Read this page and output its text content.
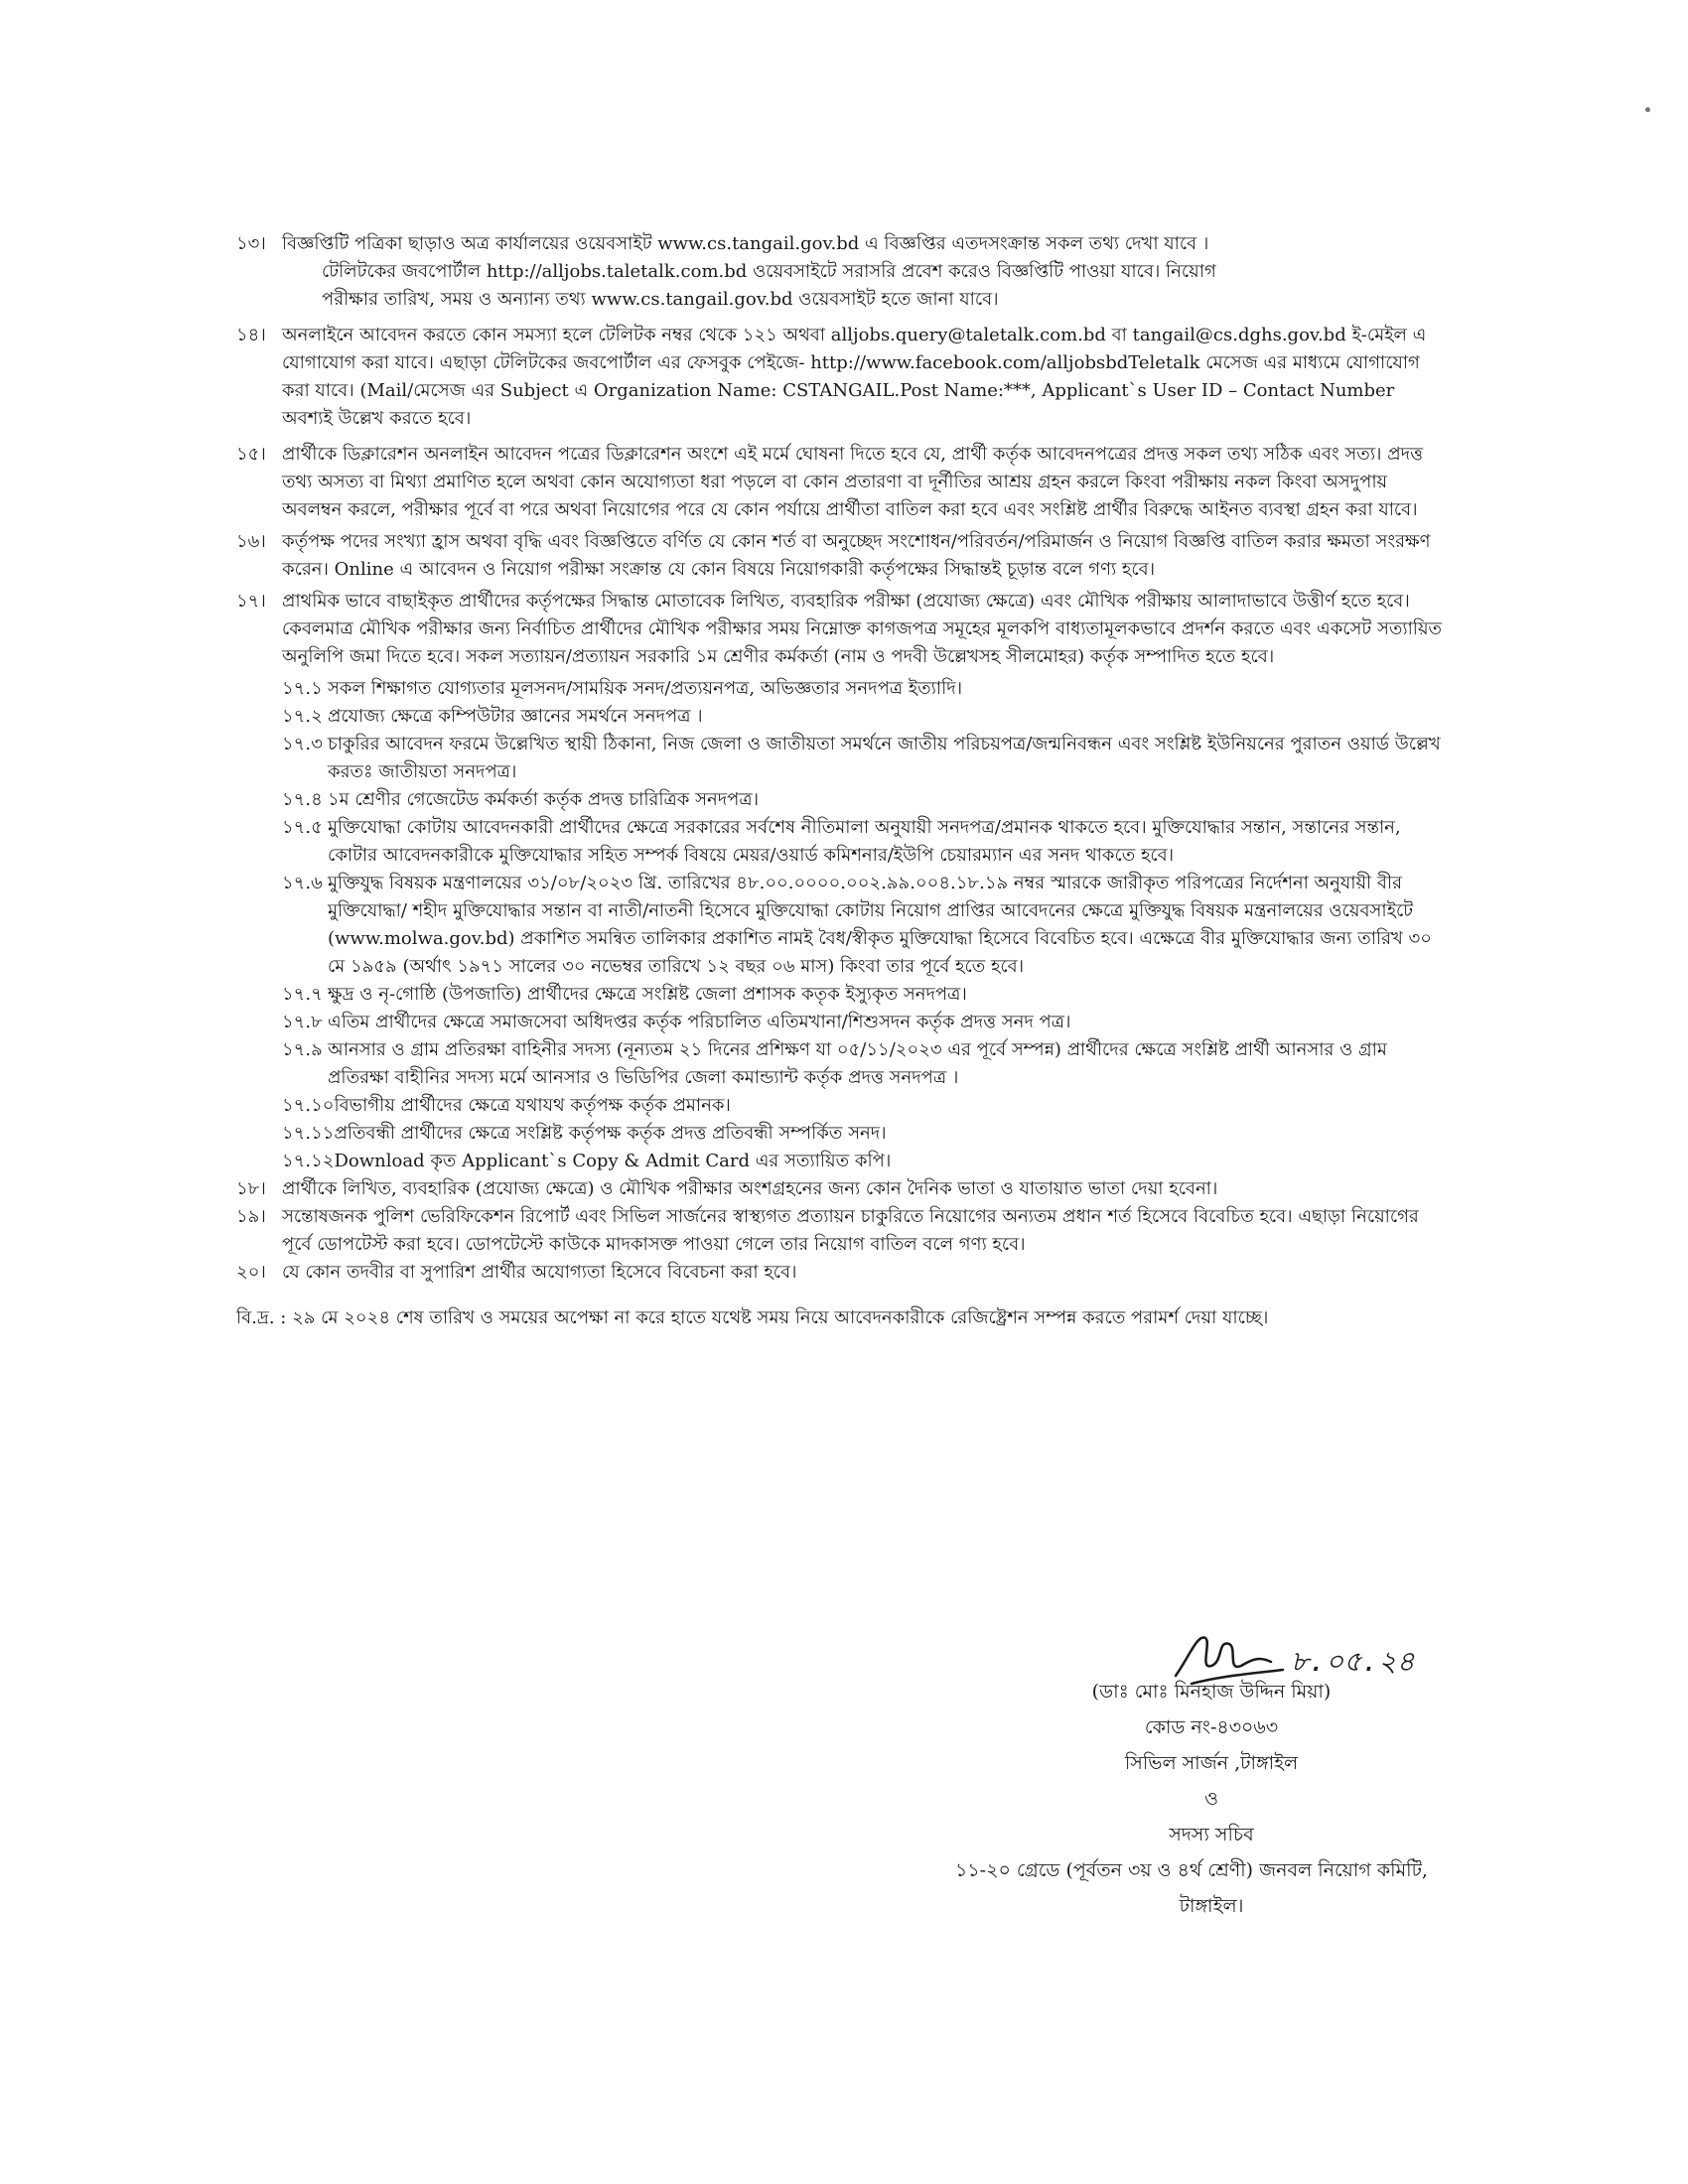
১৩। বিজ্ঞপ্তিটি পত্রিকা ছাড়াও অত্র কার্যালয়ের ওয়েবসাইট www.cs.tangail.gov.bd এ বিজ্ঞপ্তির এতদসংক্রান্ত সকল তথ্য দেখা যাবে ।

টেলিটকের জবপোর্টাল http://alljobs.taletalk.com.bd ওয়েবসাইটে সরাসরি প্রবেশ করেও বিজ্ঞপ্তিটি পাওয়া যাবে। নিয়োগ

পরীক্ষার তারিখ, সময় ও অন্যান্য তথ্য www.cs.tangail.gov.bd ওয়েবসাইট হতে জানা যাবে।

১৪। অনলাইনে আবেদন করতে কোন সমস্যা হলে টেলিটক নম্বর থেকে ১২১ অথবা alljobs.query@taletalk.com.bd বা tangail@cs.dghs.gov.bd ই-মেইল এ যোগাযোগ করা যাবে। এছাড়া টেলিটকের জবপোর্টাল এর ফেসবুক পেইজে- http://www.facebook.com/alljobsbdTeletalk মেসেজ এর মাধ্যমে যোগাযোগ করা যাবে। (Mail/মেসেজ এর Subject এ Organization Name: CSTANGAIL.Post Name:***, Applicant`s User ID – Contact Number অবশ্যই উল্লেখ করতে হবে।

১৫। প্রার্থীকে ডিক্লারেশন অনলাইন আবেদন পত্রের ডিক্লারেশন অংশে এই মর্মে ঘোষনা দিতে হবে যে, প্রার্থী কর্তৃক আবেদনপত্রের প্রদত্ত সকল তথ্য সঠিক এবং সত্য। প্রদত্ত তথ্য অসত্য বা মিথ্যা প্রমাণিত হলে অথবা কোন অযোগ্যতা ধরা পড়লে বা কোন প্রতারণা বা দূর্নীতির আশ্রয় গ্রহন করলে কিংবা পরীক্ষায় নকল কিংবা অসদুপায় অবলম্বন করলে, পরীক্ষার পূর্বে বা পরে অথবা নিয়োগের পরে যে কোন পর্যায়ে প্রার্থীতা বাতিল করা হবে এবং সংশ্লিষ্ট প্রার্থীর বিরুদ্ধে আইনত ব্যবস্থা গ্রহন করা যাবে।

১৬। কর্তৃপক্ষ পদের সংখ্যা হ্রাস অথবা বৃদ্ধি এবং বিজ্ঞপ্তিতে বর্ণিত যে কোন শর্ত বা অনুচ্ছেদ সংশোধন/পরিবর্তন/পরিমার্জন ও নিয়োগ বিজ্ঞপ্তি বাতিল করার ক্ষমতা সংরক্ষণ করেন। Online এ আবেদন ও নিয়োগ পরীক্ষা সংক্রান্ত যে কোন বিষয়ে নিয়োগকারী কর্তৃপক্ষের সিদ্ধান্তই চূড়ান্ত বলে গণ্য হবে।

১৭। প্রাথমিক ভাবে বাছাইকৃত প্রার্থীদের কর্তৃপক্ষের সিদ্ধান্ত মোতাবেক লিখিত, ব্যবহারিক পরীক্ষা (প্রযোজ্য ক্ষেত্রে) এবং মৌখিক পরীক্ষায় আলাদাভাবে উত্তীর্ণ হতে হবে। কেবলমাত্র মৌখিক পরীক্ষার জন্য নির্বাচিত প্রার্থীদের মৌখিক পরীক্ষার সময় নিম্নোক্ত কাগজপত্র সমূহের মূলকপি বাধ্যতামূলকভাবে প্রদর্শন করতে এবং একসেট সত্যায়িত অনুলিপি জমা দিতে হবে। সকল সত্যায়ন/প্রত্যায়ন সরকারি ১ম শ্রেণীর কর্মকর্তা (নাম ও পদবী উল্লেখসহ সীলমোহর) কর্তৃক সম্পাদিত হতে হবে।

১৭.১ সকল শিক্ষাগত যোগ্যতার মূলসনদ/সাময়িক সনদ/প্রত্যয়নপত্র, অভিজ্ঞতার সনদপত্র ইত্যাদি।
১৭.২ প্রযোজ্য ক্ষেত্রে কম্পিউটার জ্ঞানের সমর্থনে সনদপত্র ।
১৭.৩ চাকুরির আবেদন ফরমে উল্লেখিত স্থায়ী ঠিকানা, নিজ জেলা ও জাতীয়তা সমর্থনে জাতীয় পরিচয়পত্র/জন্মনিবন্ধন এবং সংশ্লিষ্ট ইউনিয়নের পুরাতন ওয়ার্ড উল্লেখ করতঃ জাতীয়তা সনদপত্র।
১৭.৪ ১ম শ্রেণীর গেজেটেড কর্মকর্তা কর্তৃক প্রদত্ত চারিত্রিক সনদপত্র।
১৭.৫ মুক্তিযোদ্ধা কোটায় আবেদনকারী প্রার্থীদের ক্ষেত্রে সরকারের সর্বশেষ নীতিমালা অনুযায়ী সনদপত্র/প্রমানক থাকতে হবে। মুক্তিযোদ্ধার সন্তান, সন্তানের সন্তান, কোটার আবেদনকারীকে মুক্তিযোদ্ধার সহিত সম্পর্ক বিষয়ে মেয়র/ওয়ার্ড কমিশনার/ইউপি চেয়ারম্যান এর সনদ থাকতে হবে।
১৭.৬ মুক্তিযুদ্ধ বিষয়ক মন্ত্রণালয়ের ৩১/০৮/২০২৩ খ্রি. তারিখের ৪৮.০০.০০০০.০০২.৯৯.০০৪.১৮.১৯ নম্বর স্মারকে জারীকৃত পরিপত্রের নির্দেশনা অনুযায়ী বীর মুক্তিযোদ্ধা/ শহীদ মুক্তিযোদ্ধার সন্তান বা নাতী/নাতনী হিসেবে মুক্তিযোদ্ধা কোটায় নিয়োগ প্রাপ্তির আবেদনের ক্ষেত্রে মুক্তিযুদ্ধ বিষয়ক মন্ত্রনালয়ের ওয়েবসাইটে (www.molwa.gov.bd) প্রকাশিত সমন্বিত তালিকার প্রকাশিত নামই বৈধ/স্বীকৃত মুক্তিযোদ্ধা হিসেবে বিবেচিত হবে। এক্ষেত্রে বীর মুক্তিযোদ্ধার জন্য তারিখ ৩০ মে ১৯৫৯ (অর্থাৎ ১৯৭১ সালের ৩০ নভেম্বর তারিখে ১২ বছর ০৬ মাস) কিংবা তার পূর্বে হতে হবে।
১৭.৭ ক্ষুদ্র ও নৃ-গোষ্ঠি (উপজাতি) প্রার্থীদের ক্ষেত্রে সংশ্লিষ্ট জেলা প্রশাসক কতৃক ইস্যুকৃত সনদপত্র।
১৭.৮ এতিম প্রার্থীদের ক্ষেত্রে সমাজসেবা অধিদপ্তর কর্তৃক পরিচালিত এতিমখানা/শিশুসদন কর্তৃক প্রদত্ত সনদ পত্র।
১৭.৯ আনসার ও গ্রাম প্রতিরক্ষা বাহিনীর সদস্য (নূন্যতম ২১ দিনের প্রশিক্ষণ যা ০৫/১১/২০২৩ এর পূর্বে সম্পন্ন) প্রার্থীদের ক্ষেত্রে সংশ্লিষ্ট প্রার্থী আনসার ও গ্রাম প্রতিরক্ষা বাহীনির সদস্য মর্মে আনসার ও ভিডিপির জেলা কমান্ড্যান্ট কর্তৃক প্রদত্ত সনদপত্র ।
১৭.১০ বিভাগীয় প্রার্থীদের ক্ষেত্রে যথাযথ কর্তৃপক্ষ কর্তৃক প্রমানক।
১৭.১১ প্রতিবন্ধী প্রার্থীদের ক্ষেত্রে সংশ্লিষ্ট কর্তৃপক্ষ কর্তৃক প্রদত্ত প্রতিবন্ধী সম্পর্কিত সনদ।
১৭.১২ Download কৃত Applicant`s Copy & Admit Card এর সত্যায়িত কপি।
১৮। প্রার্থীকে লিখিত, ব্যবহারিক (প্রযোজ্য ক্ষেত্রে) ও মৌখিক পরীক্ষার অংশগ্রহনের জন্য কোন দৈনিক ভাতা ও যাতায়াত ভাতা দেয়া হবেনা।

১৯। সন্তোষজনক পুলিশ ভেরিফিকেশন রিপোর্ট এবং সিভিল সার্জনের স্বাস্থ্যগত প্রত্যায়ন চাকুরিতে নিয়োগের অন্যতম প্রধান শর্ত হিসেবে বিবেচিত হবে। এছাড়া নিয়োগের পূর্বে ডোপটেস্ট করা হবে। ডোপটেস্টে কাউকে মাদকাসক্ত পাওয়া গেলে তার নিয়োগ বাতিল বলে গণ্য হবে।

২০। যে কোন তদবীর বা সুপারিশ প্রার্থীর অযোগ্যতা হিসেবে বিবেচনা করা হবে।

বি.দ্র. : ২৯ মে ২০২৪ শেষ তারিখ ও সময়ের অপেক্ষা না করে হাতে যথেষ্ট সময় নিয়ে আবেদনকারীকে রেজিষ্ট্রেশন সম্পন্ন করতে পরামর্শ দেয়া যাচ্ছে।

৮.০৫.২৪
(ডাঃ মোঃ মিনহাজ উদ্দিন মিয়া)
কোড নং-৪৩০৬৩
সিভিল সার্জন ,টাঙ্গাইল
ও
সদস্য সচিব
১১-২০ গ্রেডে (পূর্বতন ৩য় ও ৪র্থ শ্রেণী) জনবল নিয়োগ কমিটি,
টাঙ্গাইল।
